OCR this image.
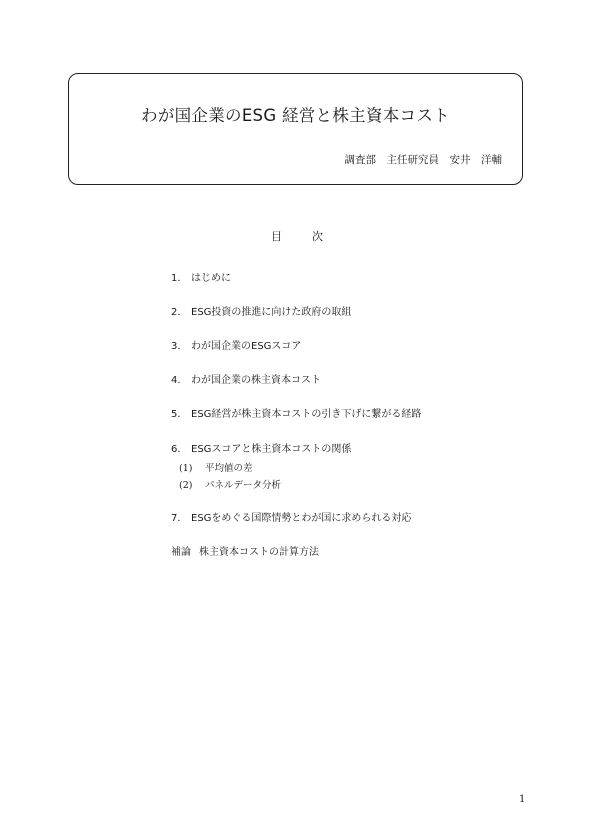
わが国企業のESG 経営と株主資本コスト
調査部　主任研究員　安井　洋輔
目	次
1． はじめに
2． ESG投資の推進に向けた政府の取組
3． わが国企業のESGスコア
4． わが国企業の株主資本コスト
5． ESG経営が株主資本コストの引き下げに繋がる経路
6． ESGスコアと株主資本コストの関係
(1) 平均値の差
(2) パネルデータ分析
7． ESGをめぐる国際情勢とわが国に求められる対応
補論 株主資本コストの計算方法
1
